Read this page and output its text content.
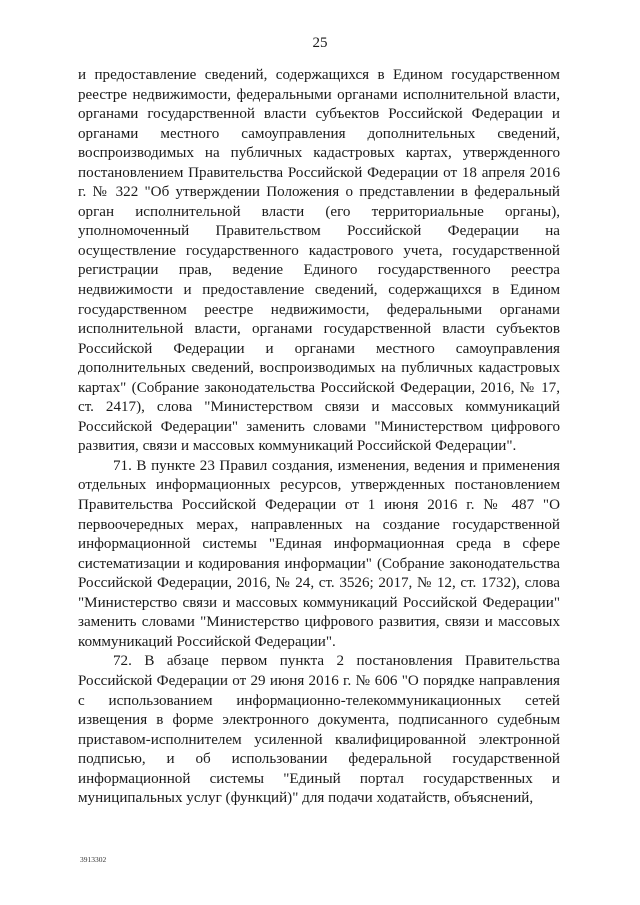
25

и предоставление сведений, содержащихся в Едином государственном реестре недвижимости, федеральными органами исполнительной власти, органами государственной власти субъектов Российской Федерации и органами местного самоуправления дополнительных сведений, воспроизводимых на публичных кадастровых картах, утвержденного постановлением Правительства Российской Федерации от 18 апреля 2016 г. № 322 "Об утверждении Положения о представлении в федеральный орган исполнительной власти (его территориальные органы), уполномоченный Правительством Российской Федерации на осуществление государственного кадастрового учета, государственной регистрации прав, ведение Единого государственного реестра недвижимости и предоставление сведений, содержащихся в Едином государственном реестре недвижимости, федеральными органами исполнительной власти, органами государственной власти субъектов Российской Федерации и органами местного самоуправления дополнительных сведений, воспроизводимых на публичных кадастровых картах" (Собрание законодательства Российской Федерации, 2016, № 17, ст. 2417), слова "Министерством связи и массовых коммуникаций Российской Федерации" заменить словами "Министерством цифрового развития, связи и массовых коммуникаций Российской Федерации".

71. В пункте 23 Правил создания, изменения, ведения и применения отдельных информационных ресурсов, утвержденных постановлением Правительства Российской Федерации от 1 июня 2016 г. № 487 "О первоочередных мерах, направленных на создание государственной информационной системы "Единая информационная среда в сфере систематизации и кодирования информации" (Собрание законодательства Российской Федерации, 2016, № 24, ст. 3526; 2017, № 12, ст. 1732), слова "Министерство связи и массовых коммуникаций Российской Федерации" заменить словами "Министерство цифрового развития, связи и массовых коммуникаций Российской Федерации".

72. В абзаце первом пункта 2 постановления Правительства Российской Федерации от 29 июня 2016 г. № 606 "О порядке направления с использованием информационно-телекоммуникационных сетей извещения в форме электронного документа, подписанного судебным приставом-исполнителем усиленной квалифицированной электронной подписью, и об использовании федеральной государственной информационной системы "Единый портал государственных и муниципальных услуг (функций)" для подачи ходатайств, объяснений,

3913302
